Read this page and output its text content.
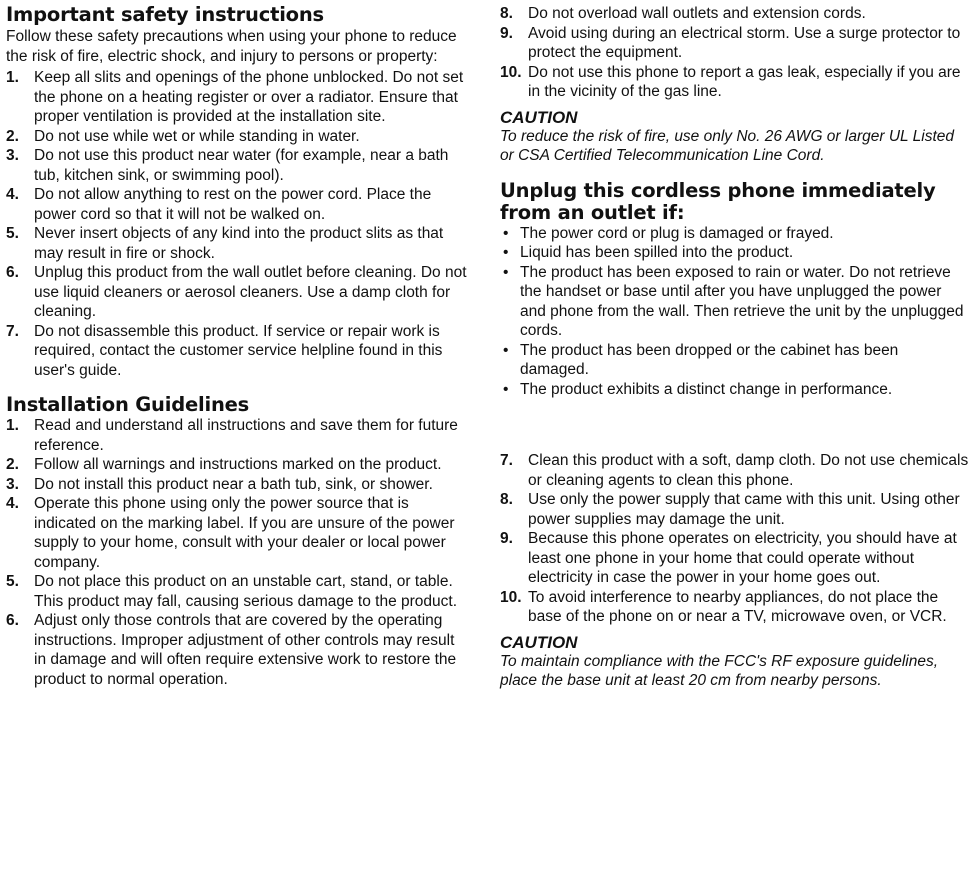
Important safety instructions

Follow these safety precautions when using your phone to reduce the risk of fire, electric shock, and injury to persons or property:

1. Keep all slits and openings of the phone unblocked. Do not set the phone on a heating register or over a radiator. Ensure that proper ventilation is provided at the installation site.
2. Do not use while wet or while standing in water.
3. Do not use this product near water (for example, near a bath tub, kitchen sink, or swimming pool).
4. Do not allow anything to rest on the power cord. Place the power cord so that it will not be walked on.
5. Never insert objects of any kind into the product slits as that may result in fire or shock.
6. Unplug this product from the wall outlet before cleaning. Do not use liquid cleaners or aerosol cleaners. Use a damp cloth for cleaning.
7. Do not disassemble this product. If service or repair work is required, contact the customer service helpline found in this user's guide.
Installation Guidelines
1. Read and understand all instructions and save them for future reference.
2. Follow all warnings and instructions marked on the product.
3. Do not install this product near a bath tub, sink, or shower.
4. Operate this phone using only the power source that is indicated on the marking label. If you are unsure of the power supply to your home, consult with your dealer or local power company.
5. Do not place this product on an unstable cart, stand, or table. This product may fall, causing serious damage to the product.
6. Adjust only those controls that are covered by the operating instructions. Improper adjustment of other controls may result in damage and will often require extensive work to restore the product to normal operation.
8. Do not overload wall outlets and extension cords.
9. Avoid using during an electrical storm. Use a surge protector to protect the equipment.
10. Do not use this phone to report a gas leak, especially if you are in the vicinity of the gas line.
CAUTION

To reduce the risk of fire, use only No. 26 AWG or larger UL Listed or CSA Certified Telecommunication Line Cord.

Unplug this cordless phone immediately from an outlet if:
• The power cord or plug is damaged or frayed.
• Liquid has been spilled into the product.
• The product has been exposed to rain or water. Do not retrieve the handset or base until after you have unplugged the power and phone from the wall. Then retrieve the unit by the unplugged cords.
• The product has been dropped or the cabinet has been damaged.
• The product exhibits a distinct change in performance.
7. Clean this product with a soft, damp cloth. Do not use chemicals or cleaning agents to clean this phone.
8. Use only the power supply that came with this unit. Using other power supplies may damage the unit.
9. Because this phone operates on electricity, you should have at least one phone in your home that could operate without electricity in case the power in your home goes out.
10. To avoid interference to nearby appliances, do not place the base of the phone on or near a TV, microwave oven, or VCR.
CAUTION

To maintain compliance with the FCC's RF exposure guidelines, place the base unit at least 20 cm from nearby persons.
